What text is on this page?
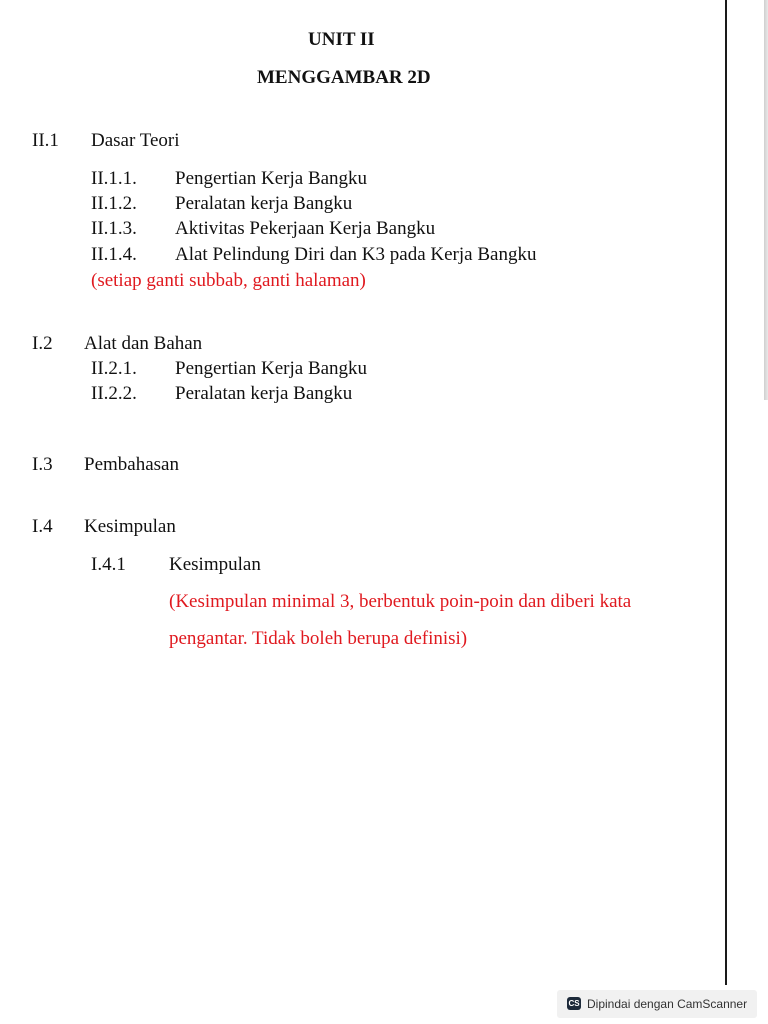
UNIT II
MENGGAMBAR 2D
II.1 Dasar Teori
II.1.1. Pengertian Kerja Bangku
II.1.2. Peralatan kerja Bangku
II.1.3. Aktivitas Pekerjaan Kerja Bangku
II.1.4. Alat Pelindung Diri dan K3 pada Kerja Bangku
(setiap ganti subbab, ganti halaman)
I.2 Alat dan Bahan
II.2.1. Pengertian Kerja Bangku
II.2.2. Peralatan kerja Bangku
I.3 Pembahasan
I.4 Kesimpulan
I.4.1 Kesimpulan
(Kesimpulan minimal 3, berbentuk poin-poin dan diberi kata
pengantar. Tidak boleh berupa definisi)
CS Dipindai dengan CamScanner
